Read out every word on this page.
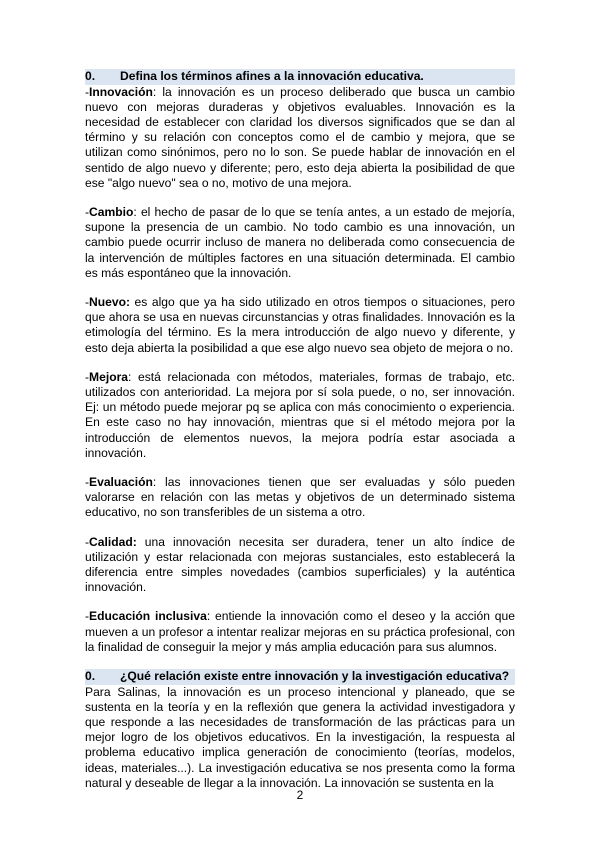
0.	Defina los términos afines a la innovación educativa.

-Innovación: la innovación es un proceso deliberado que busca un cambio nuevo con mejoras duraderas y objetivos evaluables. Innovación es la necesidad de establecer con claridad los diversos significados que se dan al término y su relación con conceptos como el de cambio y mejora, que se utilizan como sinónimos, pero no lo son. Se puede hablar de innovación en el sentido de algo nuevo y diferente; pero, esto deja abierta la posibilidad de que ese "algo nuevo" sea o no, motivo de una mejora.

-Cambio: el hecho de pasar de lo que se tenía antes, a un estado de mejoría, supone la presencia de un cambio. No todo cambio es una innovación, un cambio puede ocurrir incluso de manera no deliberada como consecuencia de la intervención de múltiples factores en una situación determinada. El cambio es más espontáneo que la innovación.

-Nuevo: es algo que ya ha sido utilizado en otros tiempos o situaciones, pero que ahora se usa en nuevas circunstancias y otras finalidades. Innovación es la etimología del término. Es la mera introducción de algo nuevo y diferente, y esto deja abierta la posibilidad a que ese algo nuevo sea objeto de mejora o no.

-Mejora: está relacionada con métodos, materiales, formas de trabajo, etc. utilizados con anterioridad. La mejora por sí sola puede, o no, ser innovación. Ej: un método puede mejorar pq se aplica con más conocimiento o experiencia. En este caso no hay innovación, mientras que si el método mejora por la introducción de elementos nuevos, la mejora podría estar asociada a innovación.

-Evaluación: las innovaciones tienen que ser evaluadas y sólo pueden valorarse en relación con las metas y objetivos de un determinado sistema educativo, no son transferibles de un sistema a otro.

-Calidad: una innovación necesita ser duradera, tener un alto índice de utilización y estar relacionada con mejoras sustanciales, esto establecerá la diferencia entre simples novedades (cambios superficiales) y la auténtica innovación.

-Educación inclusiva: entiende la innovación como el deseo y la acción que mueven a un profesor a intentar realizar mejoras en su práctica profesional, con la finalidad de conseguir la mejor y más amplia educación para sus alumnos.

0.	¿Qué relación existe entre innovación y la investigación educativa?

Para Salinas, la innovación es un proceso intencional y planeado, que se sustenta en la teoría y en la reflexión que genera la actividad investigadora y que responde a las necesidades de transformación de las prácticas para un mejor logro de los objetivos educativos. En la investigación, la respuesta al problema educativo implica generación de conocimiento (teorías, modelos, ideas, materiales...). La investigación educativa se nos presenta como la forma natural y deseable de llegar a la innovación. La innovación se sustenta en la

2
